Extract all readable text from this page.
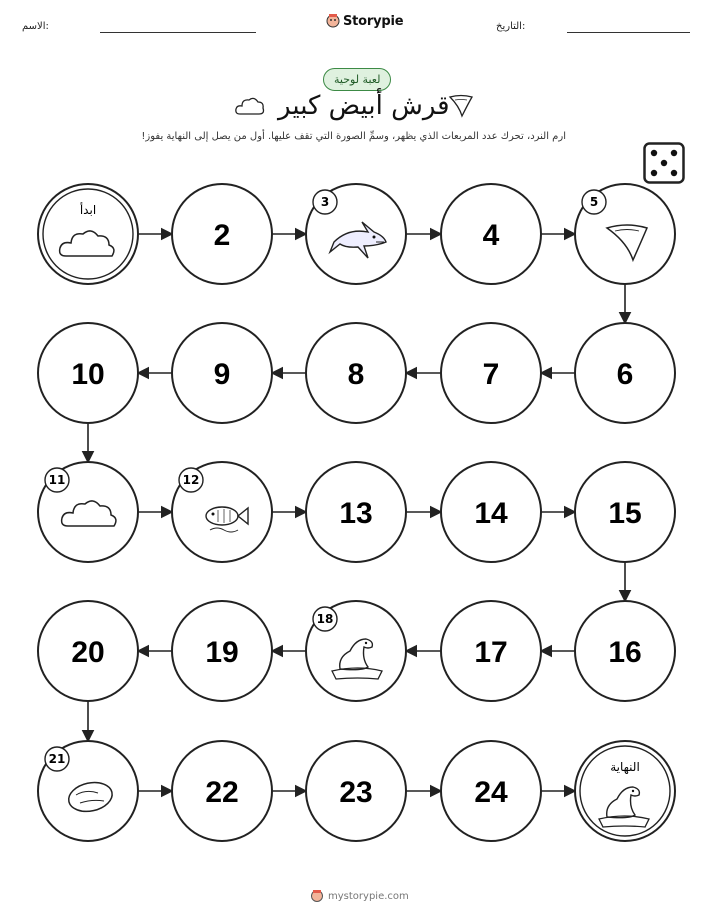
الاسم:	Storypie	التاريخ:
لعبة لوحية
قرش أبيض كبير
ارم النرد، تحرك عدد المربعات الذي يظهر، وسمِّ الصورة التي تقف عليها. أول من يصل إلى النهاية يفوز!
ابدأ
2
3
4
5
6
7
8
9
10
11	12
13	14	15
16
17
18
19
20
21
22	23	24
النهاية
mystorypie.com
